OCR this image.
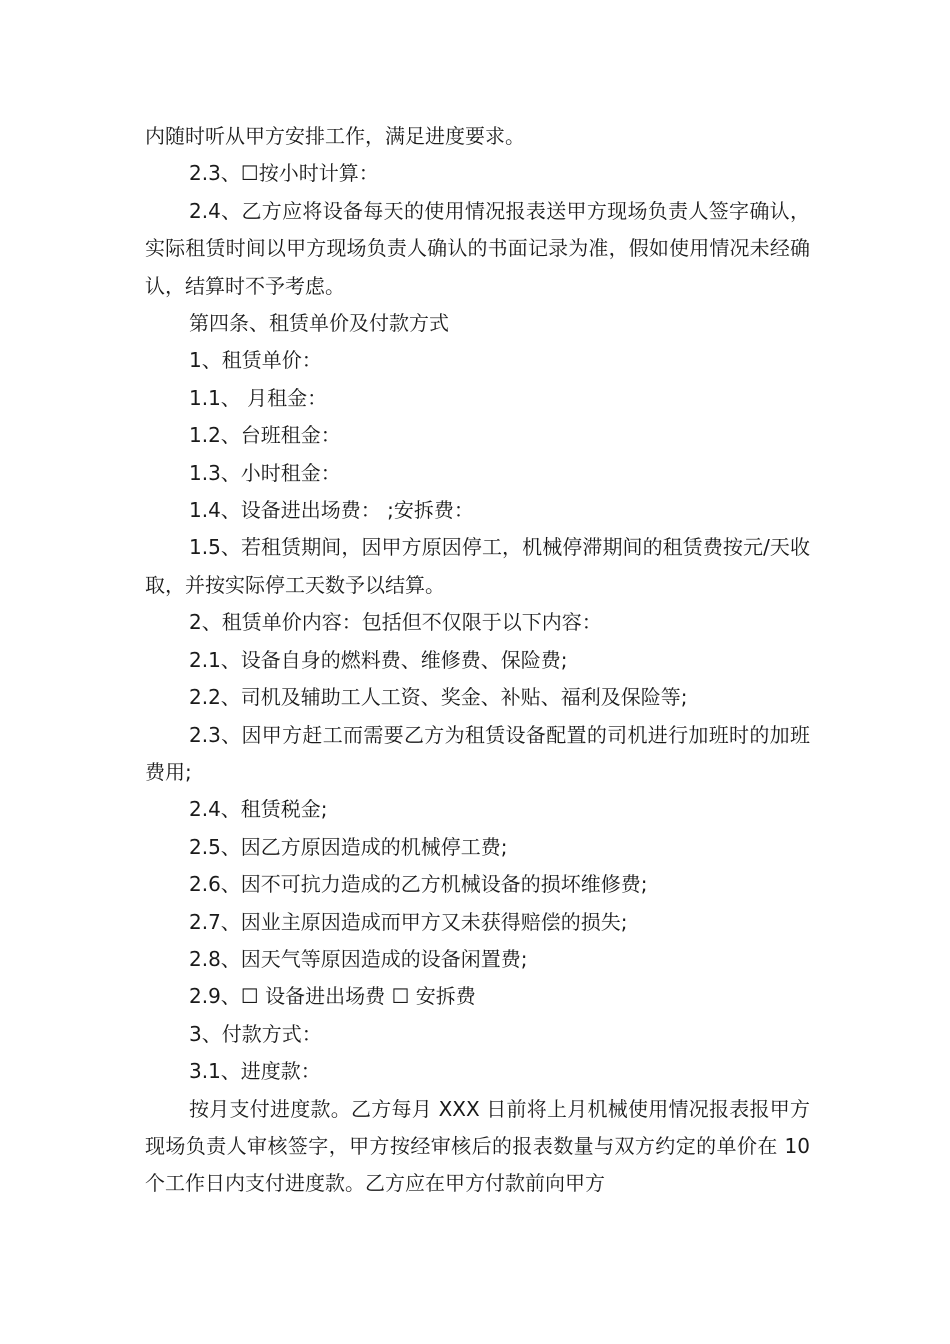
内随时听从甲方安排工作，满足进度要求。

2.3、☐按小时计算：

2.4、乙方应将设备每天的使用情况报表送甲方现场负责人签字确认，实际租赁时间以甲方现场负责人确认的书面记录为准，假如使用情况未经确认，结算时不予考虑。

第四条、租赁单价及付款方式

1、租赁单价：

1.1、 月租金：

1.2、台班租金：

1.3、小时租金：

1.4、设备进出场费： ;安拆费：

1.5、若租赁期间，因甲方原因停工，机械停滞期间的租赁费按元/天收取，并按实际停工天数予以结算。

2、租赁单价内容：包括但不仅限于以下内容：

2.1、设备自身的燃料费、维修费、保险费;

2.2、司机及辅助工人工资、奖金、补贴、福利及保险等;

2.3、因甲方赶工而需要乙方为租赁设备配置的司机进行加班时的加班费用;

2.4、租赁税金;

2.5、因乙方原因造成的机械停工费;

2.6、因不可抗力造成的乙方机械设备的损坏维修费;

2.7、因业主原因造成而甲方又未获得赔偿的损失;

2.8、因天气等原因造成的设备闲置费;

2.9、☐ 设备进出场费 ☐ 安拆费

3、付款方式：

3.1、进度款：

按月支付进度款。乙方每月 XXX 日前将上月机械使用情况报表报甲方现场负责人审核签字，甲方按经审核后的报表数量与双方约定的单价在 10 个工作日内支付进度款。乙方应在甲方付款前向甲方
